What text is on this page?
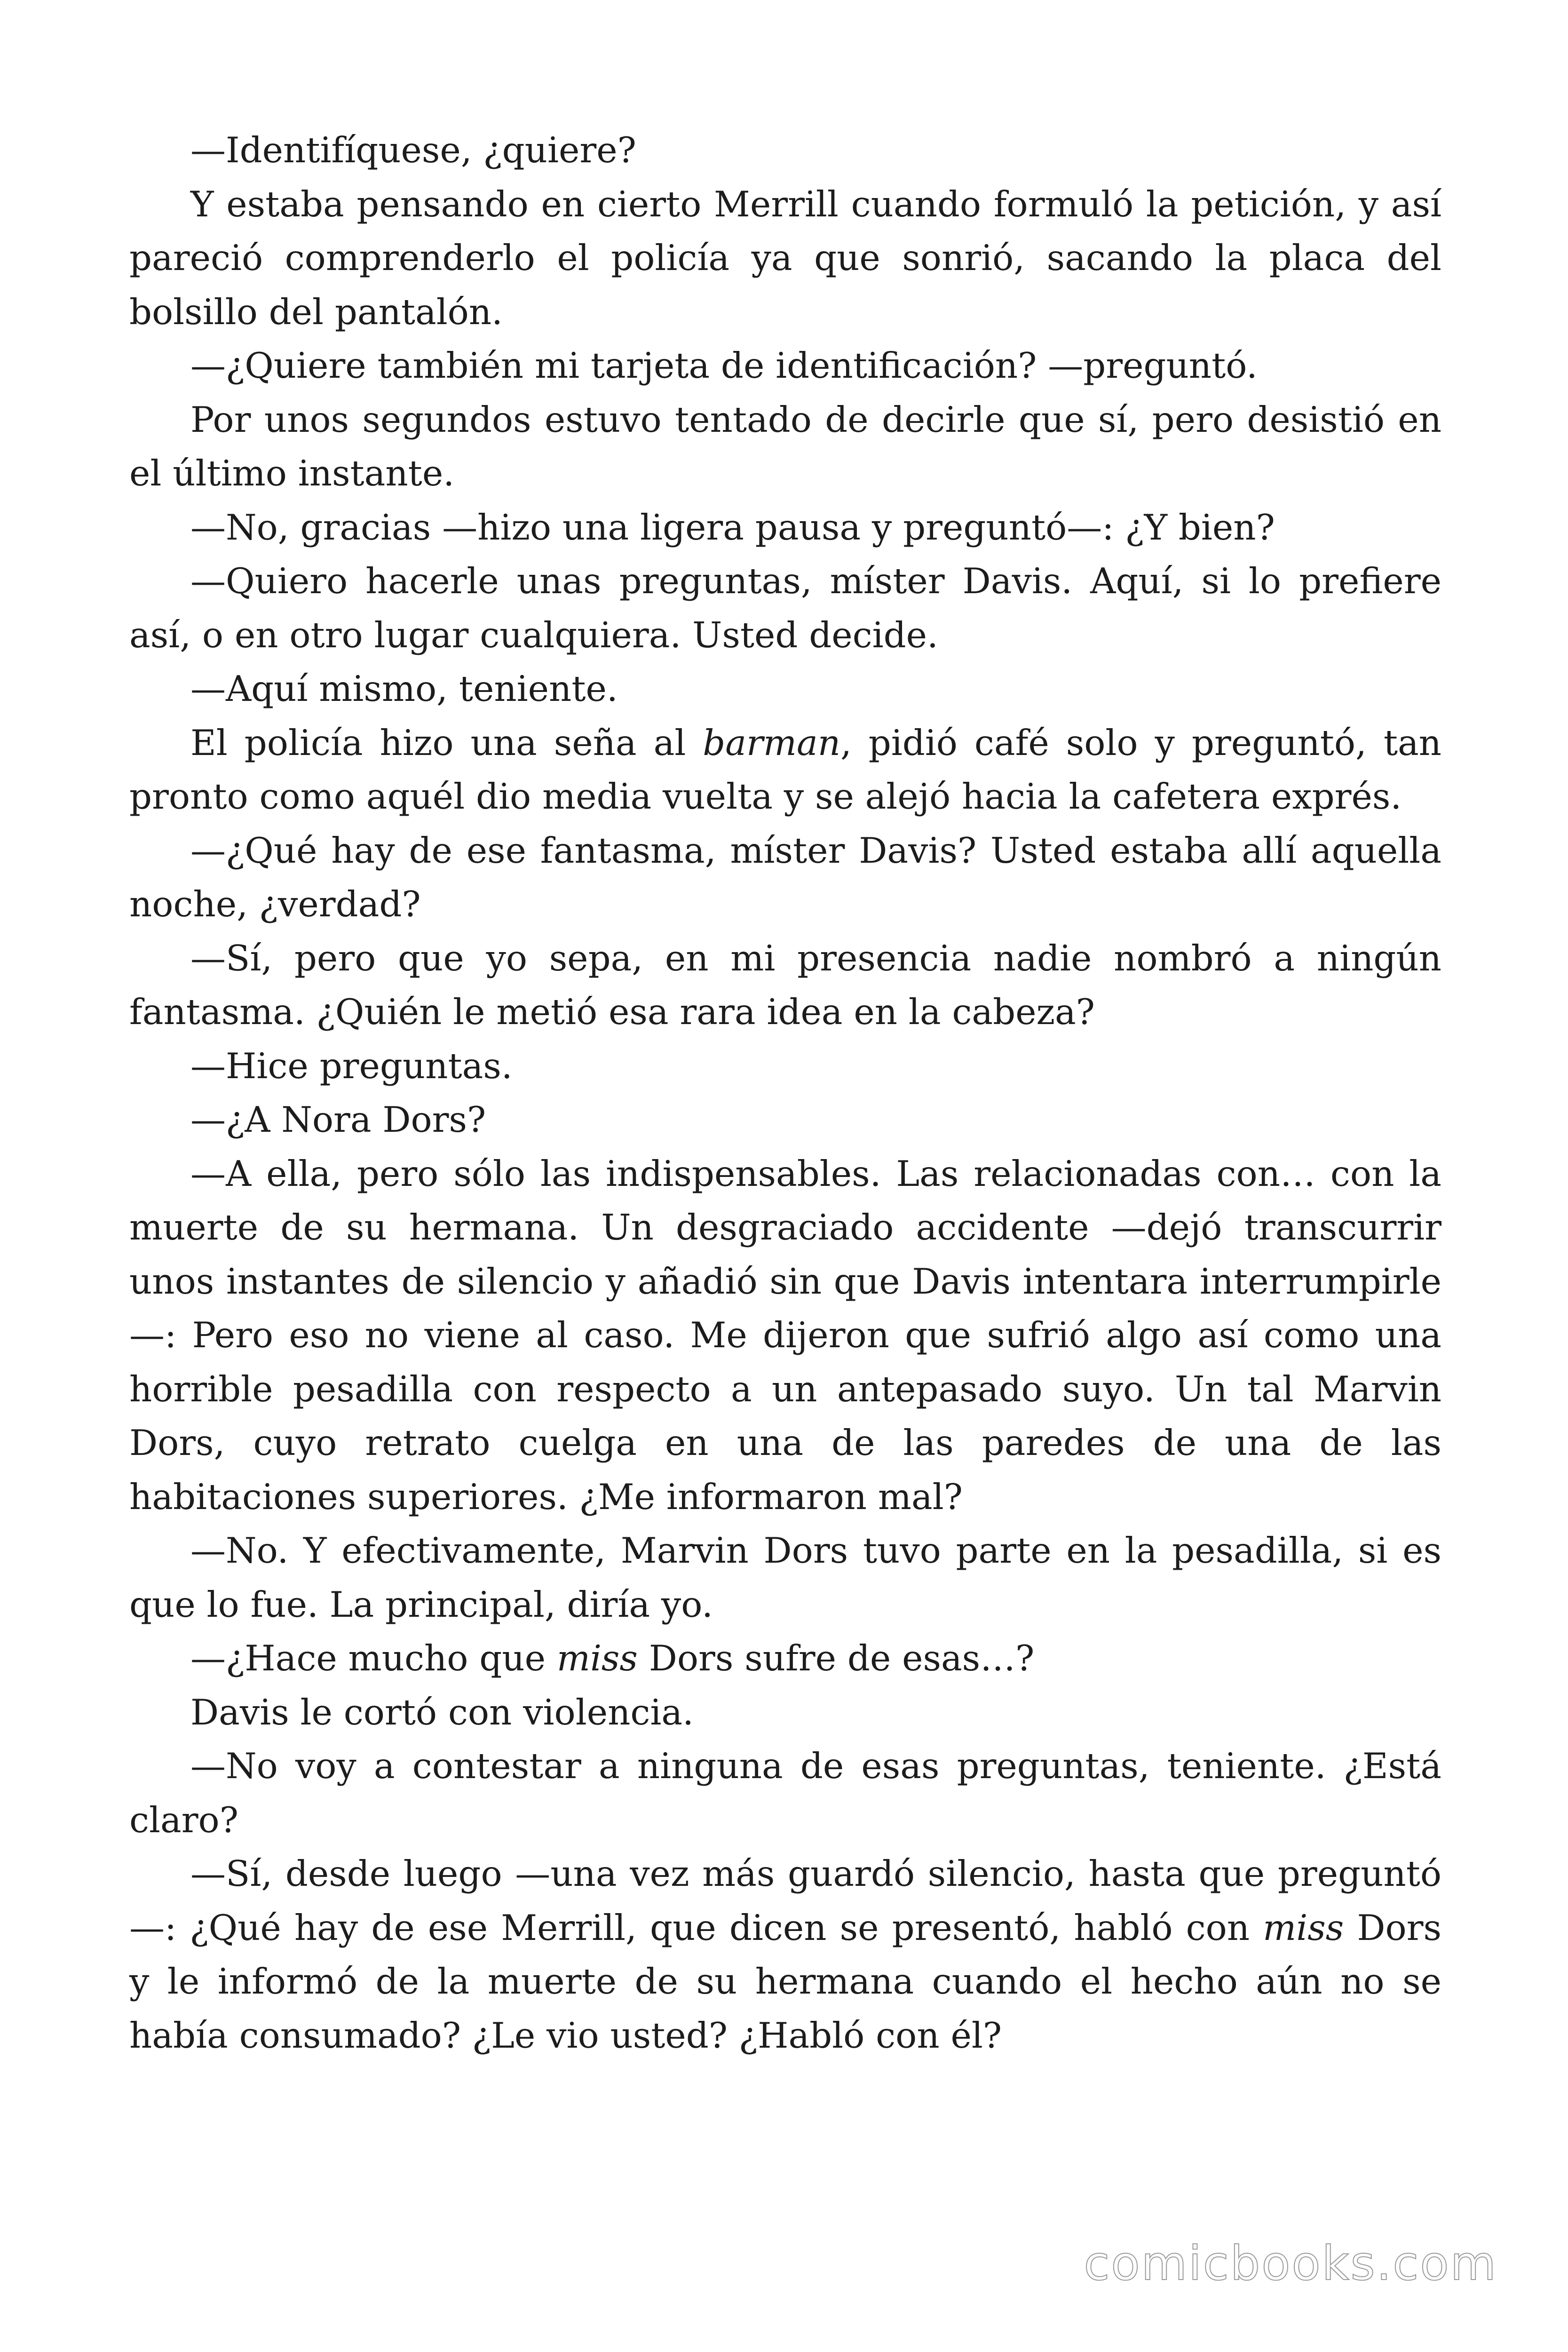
—Identifíquese, ¿quiere?

Y estaba pensando en cierto Merrill cuando formuló la petición, y así pareció comprenderlo el policía ya que sonrió, sacando la placa del bolsillo del pantalón.

—¿Quiere también mi tarjeta de identificación? —preguntó.

Por unos segundos estuvo tentado de decirle que sí, pero desistió en el último instante.

—No, gracias —hizo una ligera pausa y preguntó—: ¿Y bien?

—Quiero hacerle unas preguntas, míster Davis. Aquí, si lo prefiere así, o en otro lugar cualquiera. Usted decide.

—Aquí mismo, teniente.

El policía hizo una seña al barman, pidió café solo y preguntó, tan pronto como aquél dio media vuelta y se alejó hacia la cafetera exprés.

—¿Qué hay de ese fantasma, míster Davis? Usted estaba allí aquella noche, ¿verdad?

—Sí, pero que yo sepa, en mi presencia nadie nombró a ningún fantasma. ¿Quién le metió esa rara idea en la cabeza?

—Hice preguntas.

—¿A Nora Dors?

—A ella, pero sólo las indispensables. Las relacionadas con… con la muerte de su hermana. Un desgraciado accidente —dejó transcurrir unos instantes de silencio y añadió sin que Davis intentara interrumpirle—: Pero eso no viene al caso. Me dijeron que sufrió algo así como una horrible pesadilla con respecto a un antepasado suyo. Un tal Marvin Dors, cuyo retrato cuelga en una de las paredes de una de las habitaciones superiores. ¿Me informaron mal?

—No. Y efectivamente, Marvin Dors tuvo parte en la pesadilla, si es que lo fue. La principal, diría yo.

—¿Hace mucho que miss Dors sufre de esas…?

Davis le cortó con violencia.

—No voy a contestar a ninguna de esas preguntas, teniente. ¿Está claro?

—Sí, desde luego —una vez más guardó silencio, hasta que preguntó—: ¿Qué hay de ese Merrill, que dicen se presentó, habló con miss Dors y le informó de la muerte de su hermana cuando el hecho aún no se había consumado? ¿Le vio usted? ¿Habló con él?

comicbooks.com
